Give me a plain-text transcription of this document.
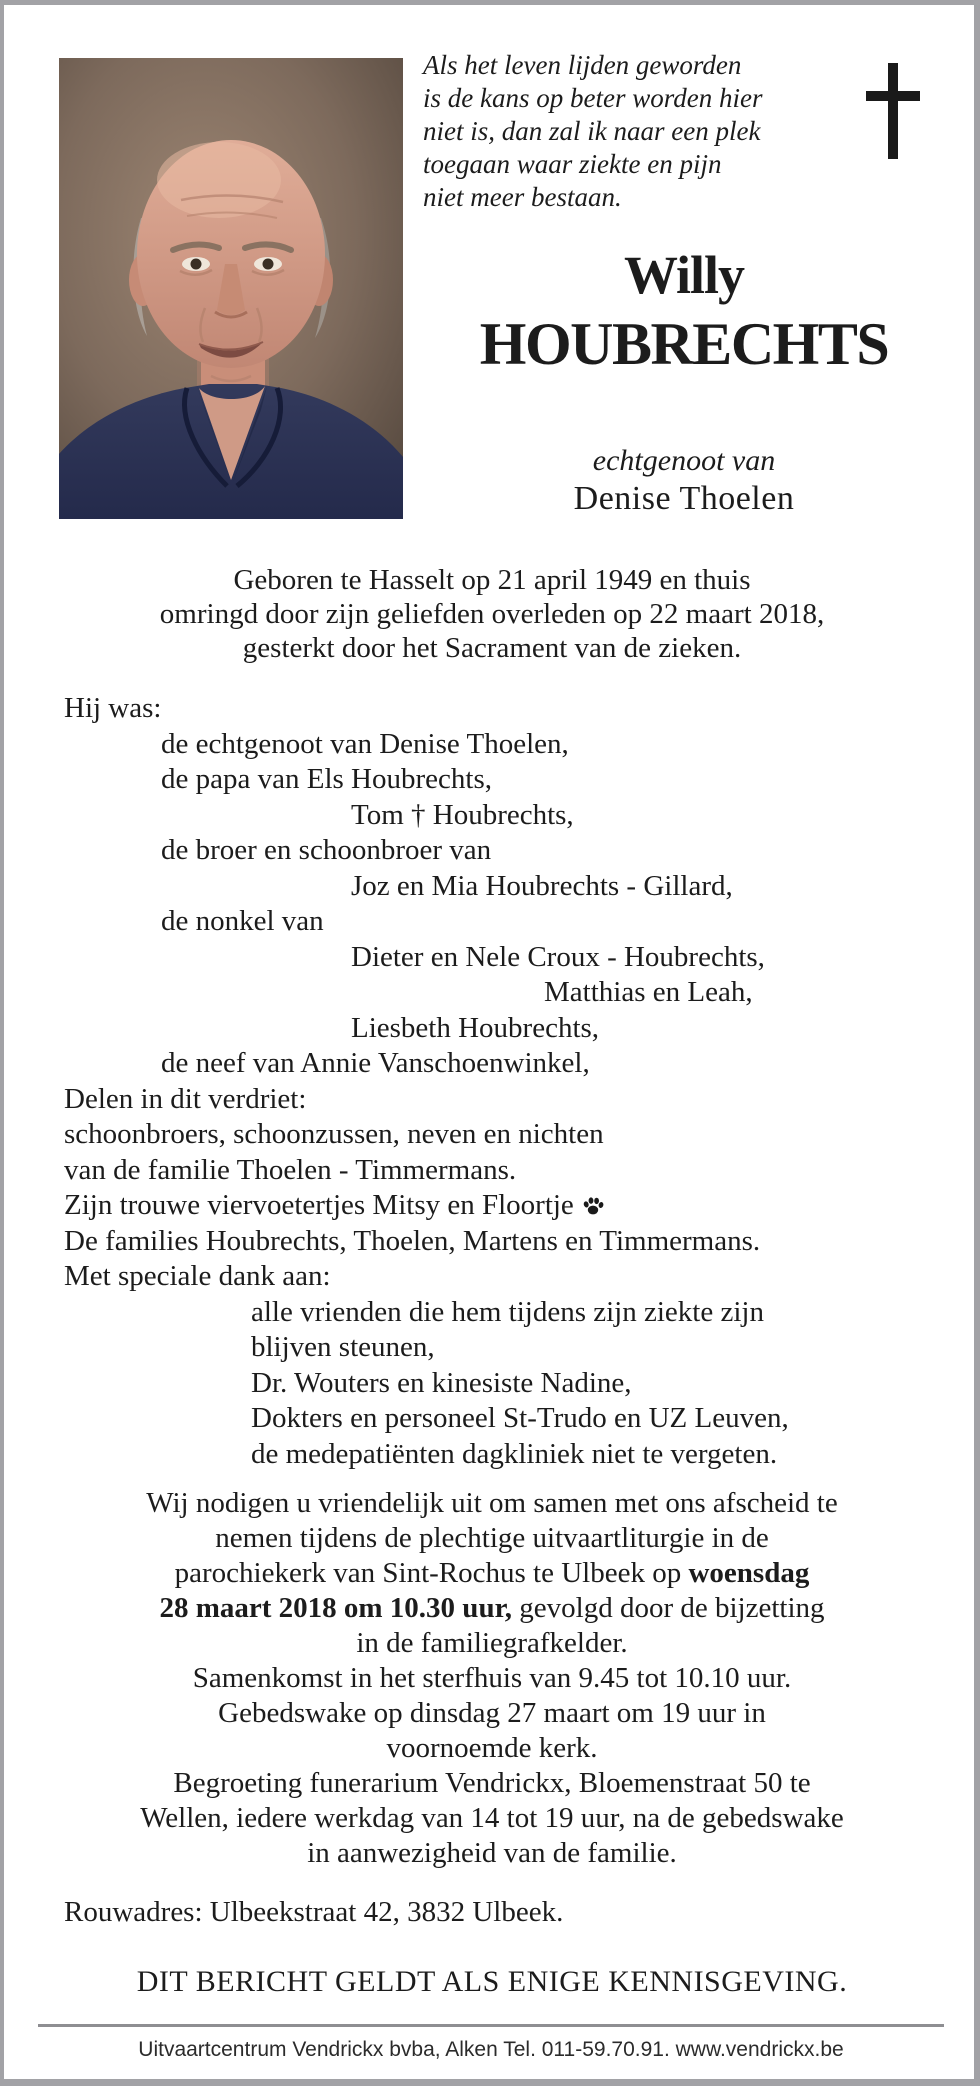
Als het leven lijden geworden
is de kans op beter worden hier
niet is, dan zal ik naar een plek
toegaan waar ziekte en pijn
niet meer bestaan.
Willy
HOUBRECHTS
echtgenoot van
Denise Thoelen
Geboren te Hasselt op 21 april 1949 en thuis
omringd door zijn geliefden overleden op 22 maart 2018,
gesterkt door het Sacrament van de zieken.
Hij was:
de echtgenoot van Denise Thoelen,
de papa van Els Houbrechts,
Tom † Houbrechts,
de broer en schoonbroer van
Joz en Mia Houbrechts - Gillard,
de nonkel van
Dieter en Nele Croux - Houbrechts,
Matthias en Leah,
Liesbeth Houbrechts,
de neef van Annie Vanschoenwinkel,
Delen in dit verdriet:
schoonbroers, schoonzussen, neven en nichten
van de familie Thoelen - Timmermans.
Zijn trouwe viervoetertjes Mitsy en Floortje
De families Houbrechts, Thoelen, Martens en Timmermans.
Met speciale dank aan:
alle vrienden die hem tijdens zijn ziekte zijn
blijven steunen,
Dr. Wouters en kinesiste Nadine,
Dokters en personeel St-Trudo en UZ Leuven,
de medepatiënten dagkliniek niet te vergeten.
Wij nodigen u vriendelijk uit om samen met ons afscheid te
nemen tijdens de plechtige uitvaartliturgie in de
parochiekerk van Sint-Rochus te Ulbeek op woensdag
28 maart 2018 om 10.30 uur, gevolgd door de bijzetting
in de familiegrafkelder.
Samenkomst in het sterfhuis van 9.45 tot 10.10 uur.
Gebedswake op dinsdag 27 maart om 19 uur in
voornoemde kerk.
Begroeting funerarium Vendrickx, Bloemenstraat 50 te
Wellen, iedere werkdag van 14 tot 19 uur, na de gebedswake
in aanwezigheid van de familie.
Rouwadres: Ulbeekstraat 42, 3832 Ulbeek.
DIT BERICHT GELDT ALS ENIGE KENNISGEVING.
Uitvaartcentrum Vendrickx bvba, Alken Tel. 011-59.70.91. www.vendrickx.be
